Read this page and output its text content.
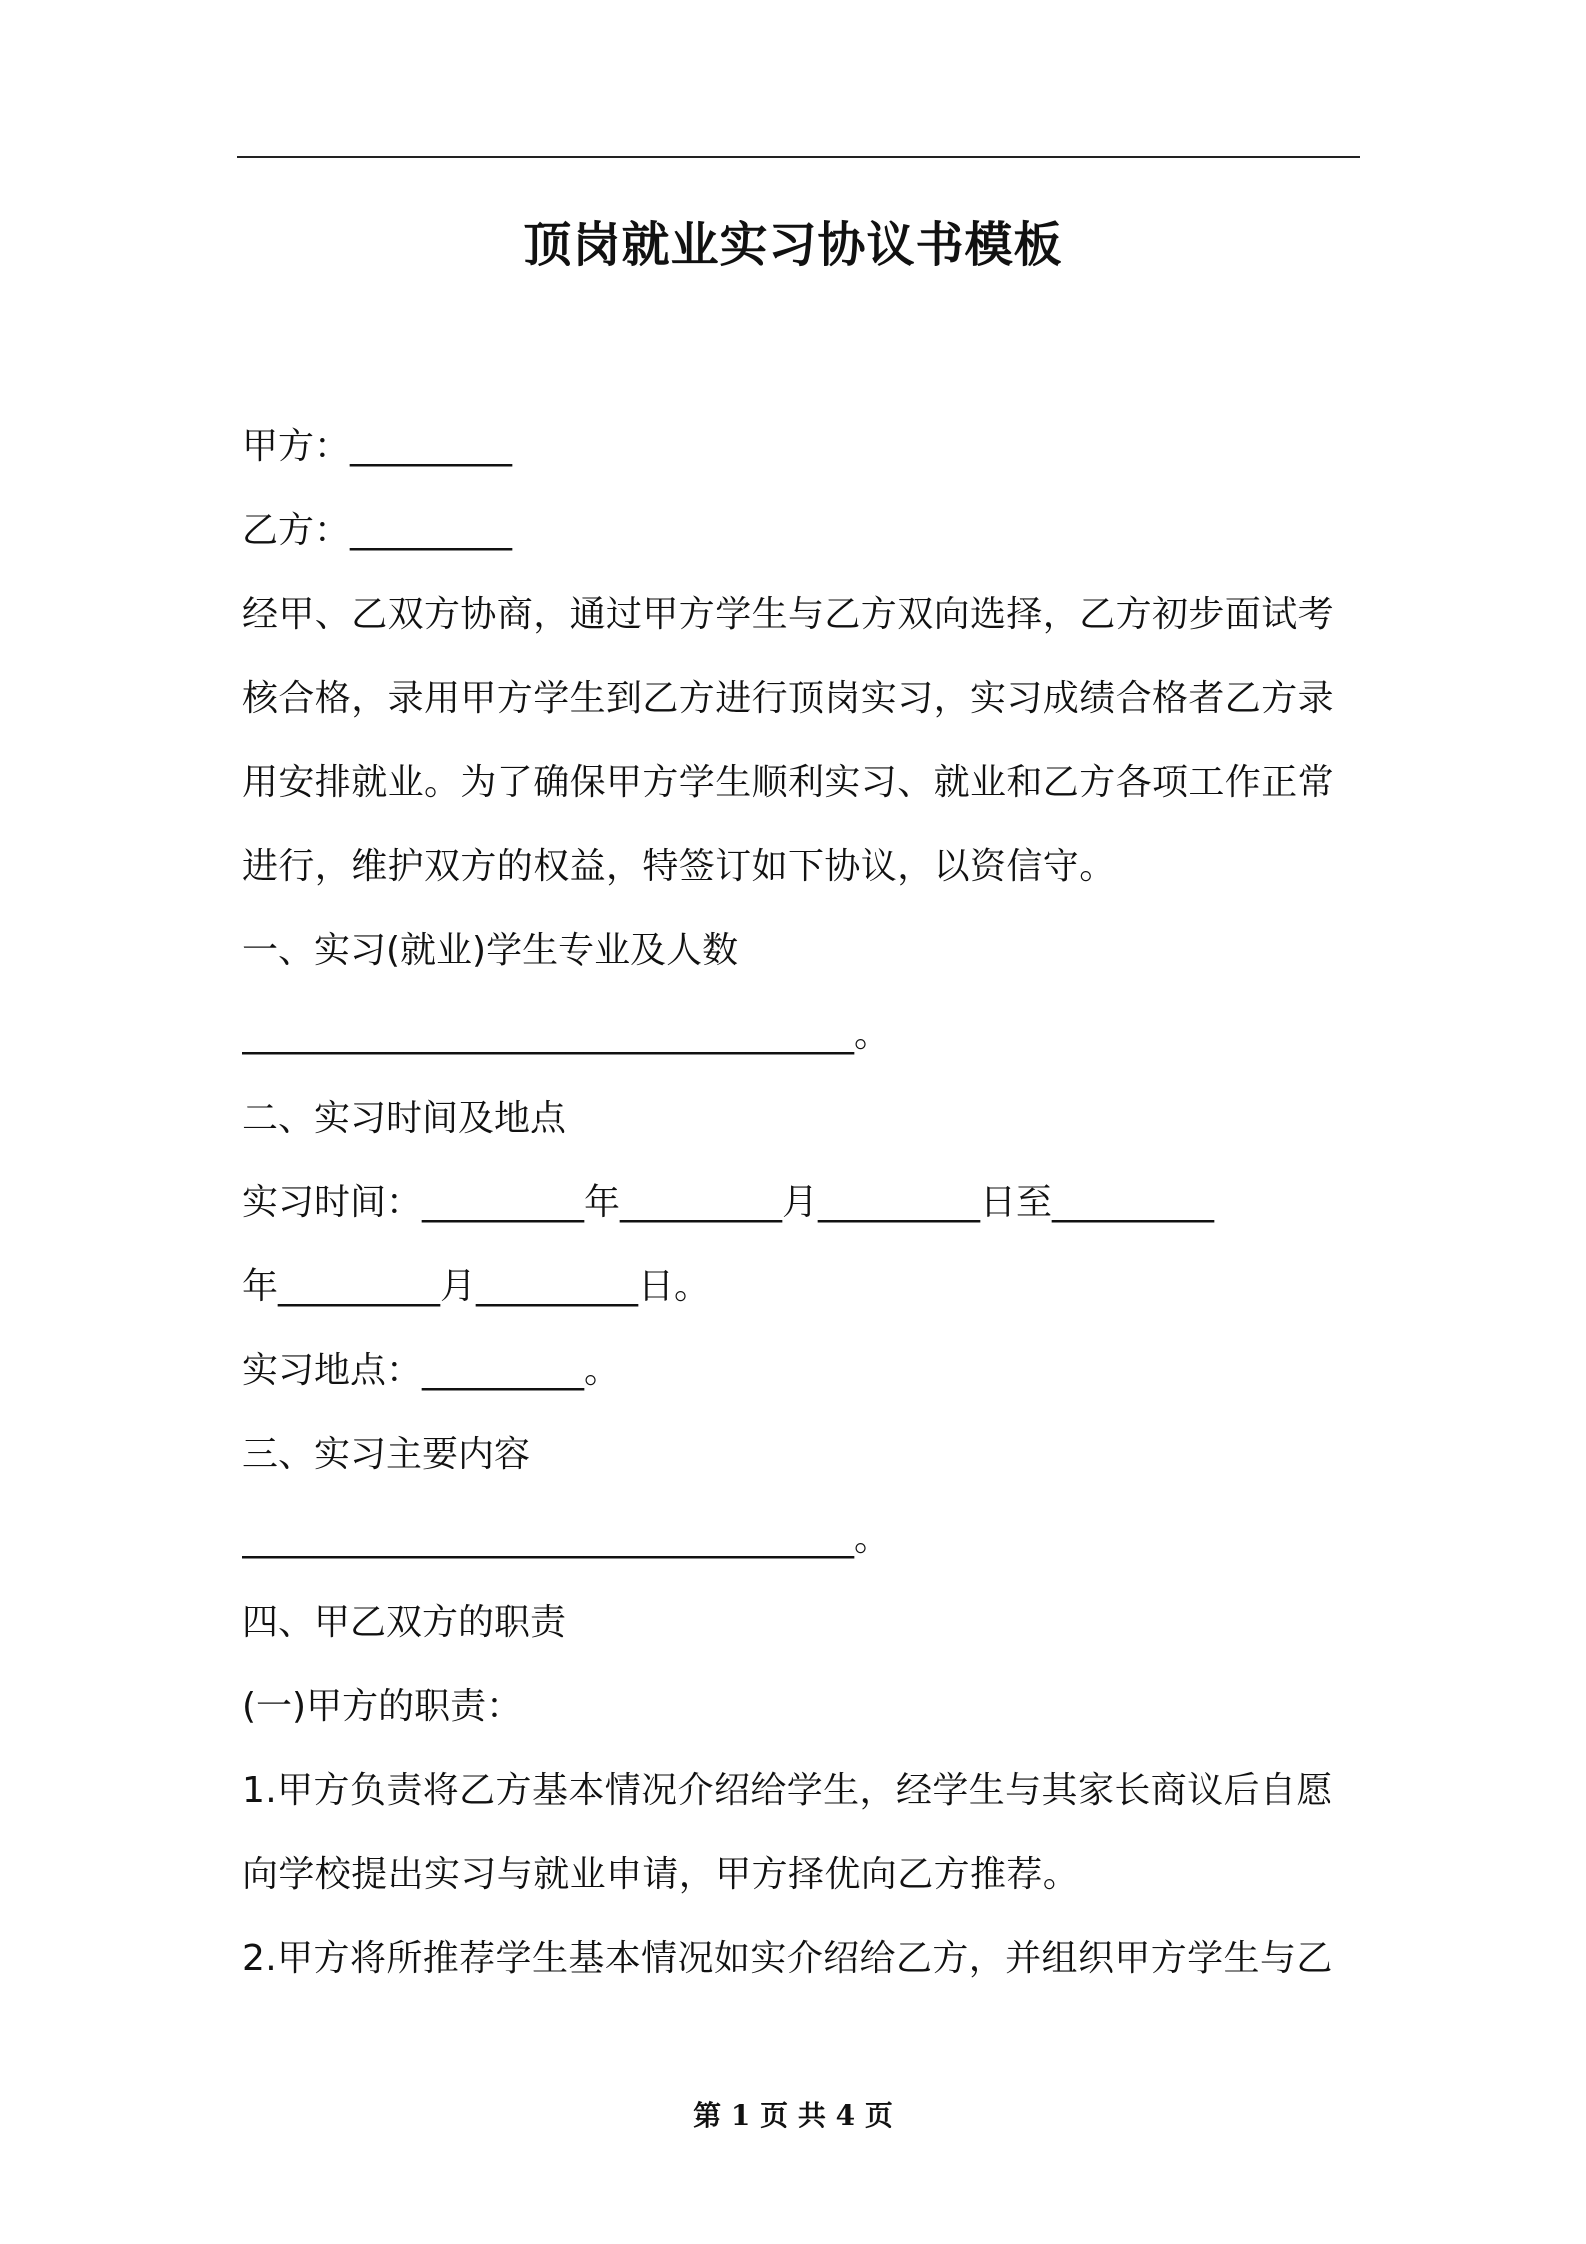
顶岗就业实习协议书模板
甲方：_________
乙方：_________
经甲、乙双方协商，通过甲方学生与乙方双向选择，乙方初步面试考
核合格，录用甲方学生到乙方进行顶岗实习，实习成绩合格者乙方录
用安排就业。为了确保甲方学生顺利实习、就业和乙方各项工作正常
进行，维护双方的权益，特签订如下协议，以资信守。
一、实习(就业)学生专业及人数
__________________________________。
二、实习时间及地点
实习时间：_________年_________月_________日至_________
年_________月_________日。
实习地点：_________。
三、实习主要内容
__________________________________。
四、甲乙双方的职责
(一)甲方的职责：
1.甲方负责将乙方基本情况介绍给学生，经学生与其家长商议后自愿
向学校提出实习与就业申请，甲方择优向乙方推荐。
2.甲方将所推荐学生基本情况如实介绍给乙方，并组织甲方学生与乙
第 1 页 共 4 页
